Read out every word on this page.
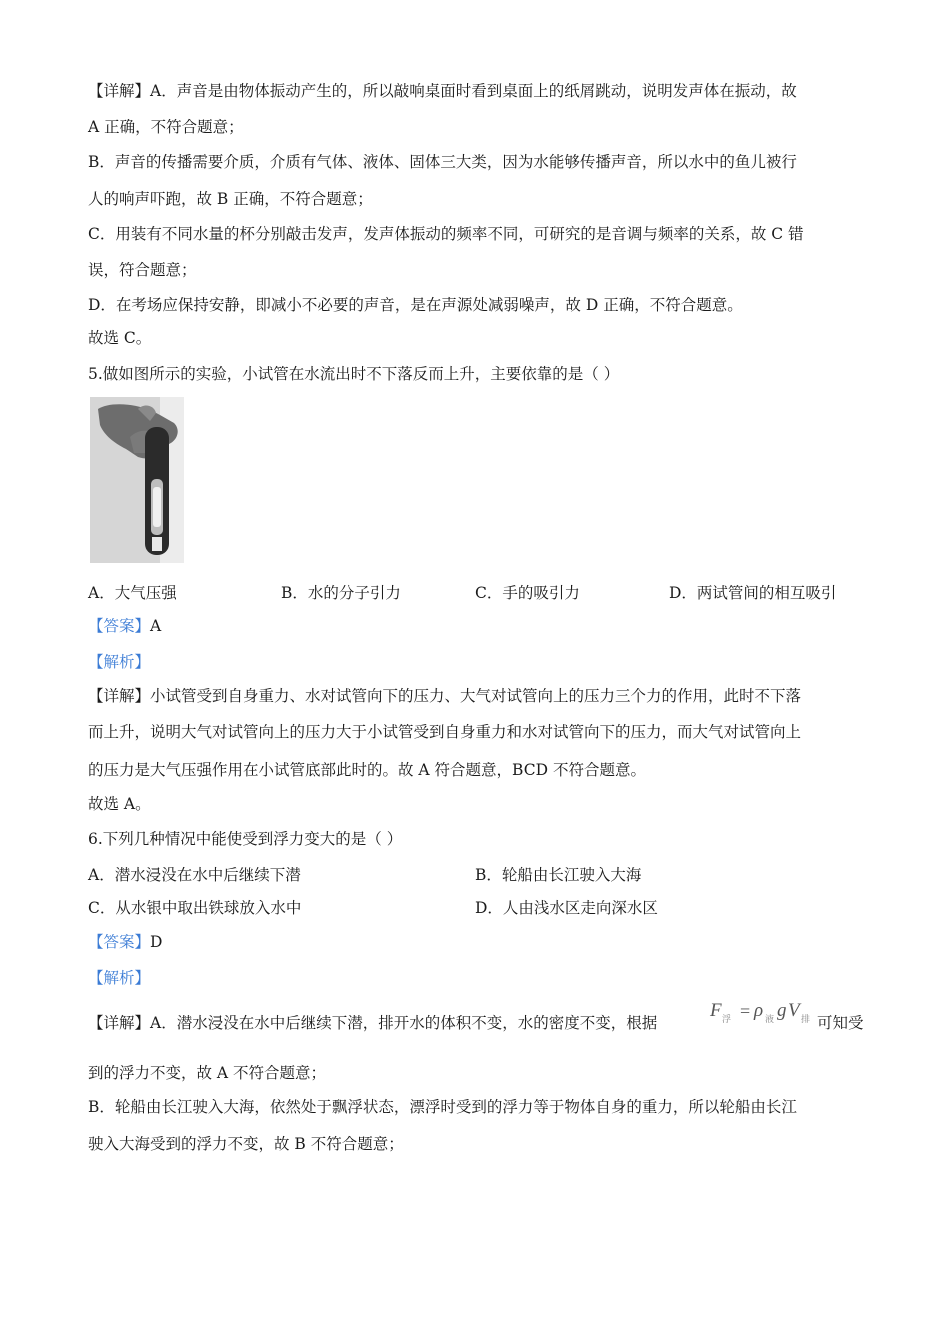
【详解】A．声音是由物体振动产生的，所以敲响桌面时看到桌面上的纸屑跳动，说明发声体在振动，故
A 正确，不符合题意；
B．声音的传播需要介质，介质有气体、液体、固体三大类，因为水能够传播声音，所以水中的鱼儿被行
人的响声吓跑，故 B 正确，不符合题意；
C．用装有不同水量的杯分别敲击发声，发声体振动的频率不同，可研究的是音调与频率的关系，故 C 错
误，符合题意；
D．在考场应保持安静，即减小不必要的声音，是在声源处减弱噪声，故 D 正确，不符合题意。
故选 C。
5.做如图所示的实验，小试管在水流出时不下落反而上升，主要依靠的是（ ）
A．大气压强	B．水的分子引力	C．手的吸引力	D．两试管间的相互吸引
【答案】A
【解析】
【详解】小试管受到自身重力、水对试管向下的压力、大气对试管向上的压力三个力的作用，此时不下落
而上升，说明大气对试管向上的压力大于小试管受到自身重力和水对试管向下的压力，而大气对试管向上
的压力是大气压强作用在小试管底部此时的。故 A 符合题意，BCD 不符合题意。
故选 A。
6.下列几种情况中能使受到浮力变大的是（ ）
A．潜水浸没在水中后继续下潜	B．轮船由长江驶入大海
C．从水银中取出铁球放入水中	D．人由浅水区走向深水区
【答案】D
【解析】
【详解】A．潜水浸没在水中后继续下潜，排开水的体积不变，水的密度不变，根据
F 浮 = ρ 液 g V 排 可知受
到的浮力不变，故 A 不符合题意；
B．轮船由长江驶入大海，依然处于飘浮状态，漂浮时受到的浮力等于物体自身的重力，所以轮船由长江
驶入大海受到的浮力不变，故 B 不符合题意；
